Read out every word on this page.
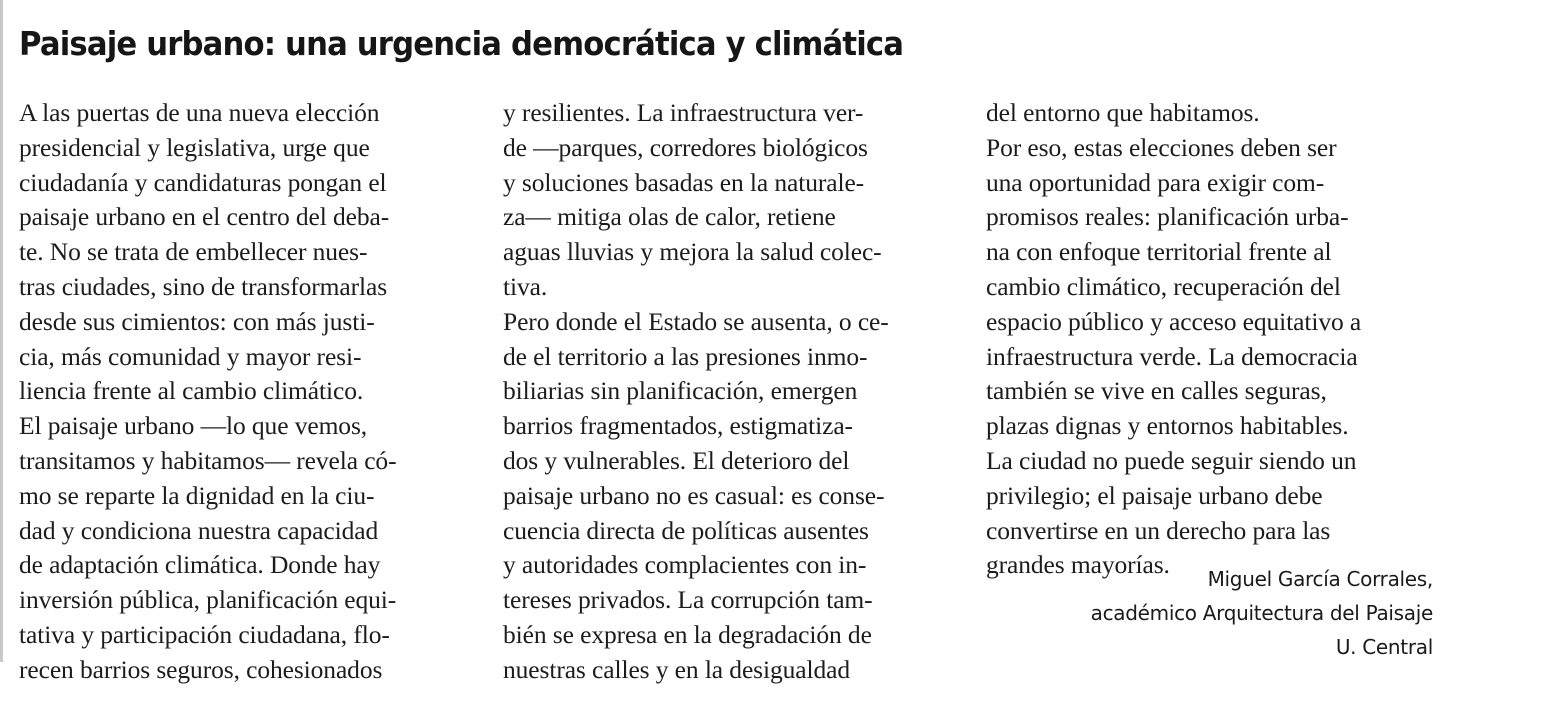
Paisaje urbano: una urgencia democrática y climática
A las puertas de una nueva elección
presidencial y legislativa, urge que
ciudadanía y candidaturas pongan el
paisaje urbano en el centro del deba-
te. No se trata de embellecer nues-
tras ciudades, sino de transformarlas
desde sus cimientos: con más justi-
cia, más comunidad y mayor resi-
liencia frente al cambio climático.
El paisaje urbano —lo que vemos,
transitamos y habitamos— revela có-
mo se reparte la dignidad en la ciu-
dad y condiciona nuestra capacidad
de adaptación climática. Donde hay
inversión pública, planificación equi-
tativa y participación ciudadana, flo-
recen barrios seguros, cohesionados
y resilientes. La infraestructura ver-
de —parques, corredores biológicos
y soluciones basadas en la naturale-
za— mitiga olas de calor, retiene
aguas lluvias y mejora la salud colec-
tiva.
Pero donde el Estado se ausenta, o ce-
de el territorio a las presiones inmo-
biliarias sin planificación, emergen
barrios fragmentados, estigmatiza-
dos y vulnerables. El deterioro del
paisaje urbano no es casual: es conse-
cuencia directa de políticas ausentes
y autoridades complacientes con in-
tereses privados. La corrupción tam-
bién se expresa en la degradación de
nuestras calles y en la desigualdad
del entorno que habitamos.
Por eso, estas elecciones deben ser
una oportunidad para exigir com-
promisos reales: planificación urba-
na con enfoque territorial frente al
cambio climático, recuperación del
espacio público y acceso equitativo a
infraestructura verde. La democracia
también se vive en calles seguras,
plazas dignas y entornos habitables.
La ciudad no puede seguir siendo un
privilegio; el paisaje urbano debe
convertirse en un derecho para las
grandes mayorías.	Miguel García Corrales,
académico Arquitectura del Paisaje
U. Central
